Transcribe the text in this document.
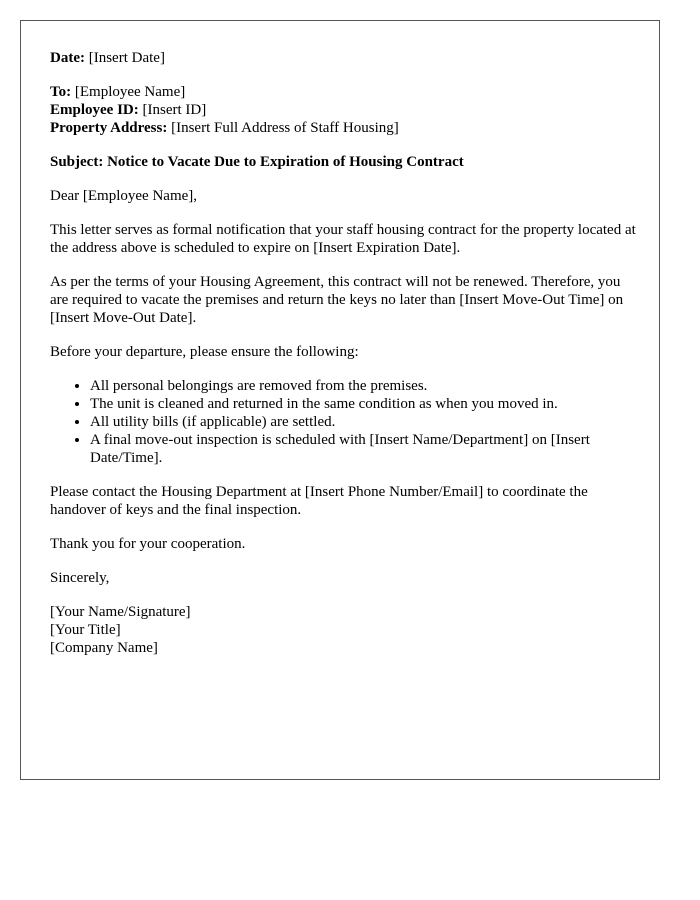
Date: [Insert Date]

To: [Employee Name]
Employee ID: [Insert ID]
Property Address: [Insert Full Address of Staff Housing]

Subject: Notice to Vacate Due to Expiration of Housing Contract

Dear [Employee Name],

This letter serves as formal notification that your staff housing contract for the property located at the address above is scheduled to expire on [Insert Expiration Date].

As per the terms of your Housing Agreement, this contract will not be renewed. Therefore, you are required to vacate the premises and return the keys no later than [Insert Move-Out Time] on [Insert Move-Out Date].

Before your departure, please ensure the following:

• All personal belongings are removed from the premises.
• The unit is cleaned and returned in the same condition as when you moved in.
• All utility bills (if applicable) are settled.
• A final move-out inspection is scheduled with [Insert Name/Department] on [Insert Date/Time].

Please contact the Housing Department at [Insert Phone Number/Email] to coordinate the handover of keys and the final inspection.

Thank you for your cooperation.

Sincerely,

[Your Name/Signature]
[Your Title]
[Company Name]
